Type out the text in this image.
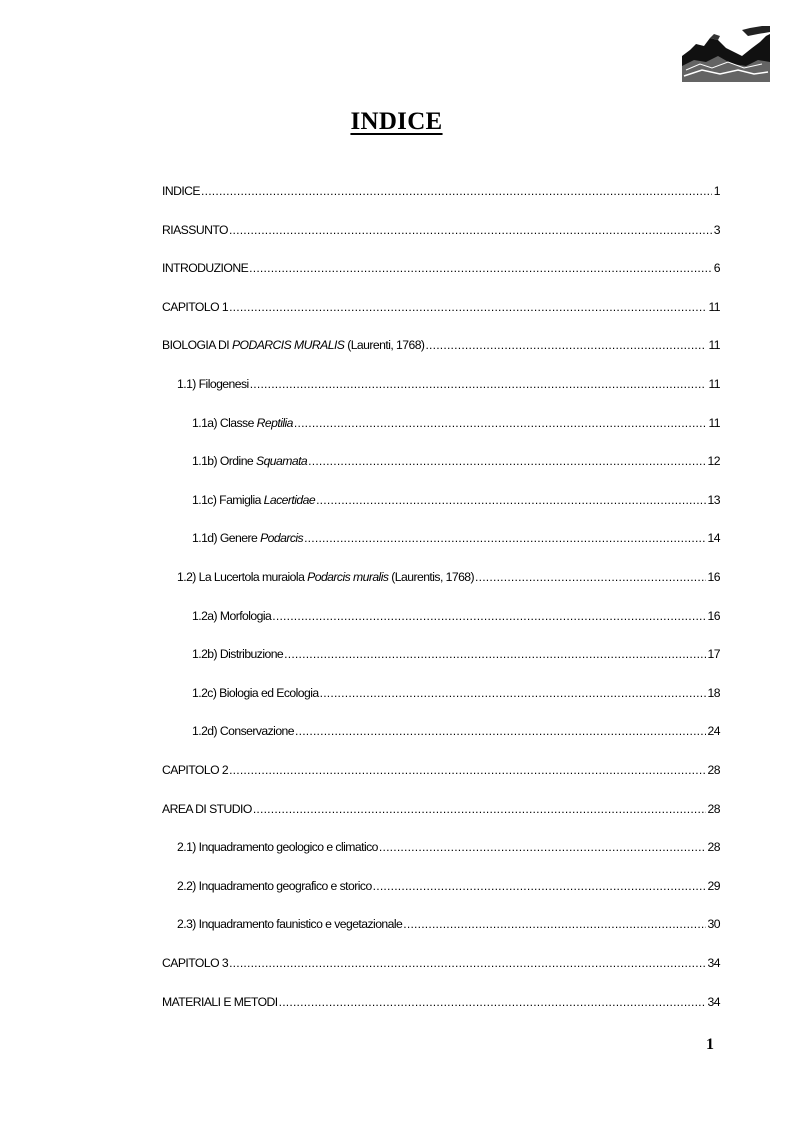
INDICE
INDICE .....	1
RIASSUNTO .....	3
INTRODUZIONE .....	6
CAPITOLO 1 .....	11
BIOLOGIA DI PODARCIS MURALIS (Laurenti, 1768) .....	11
1.1) Filogenesi .....	11
1.1a) Classe Reptilia .....	11
1.1b) Ordine Squamata .....	12
1.1c) Famiglia Lacertidae .....	13
1.1d) Genere Podarcis .....	14
1.2) La Lucertola muraiola Podarcis muralis (Laurentis, 1768) .....	16
1.2a) Morfologia .....	16
1.2b) Distribuzione .....	17
1.2c) Biologia ed Ecologia .....	18
1.2d) Conservazione .....	24
CAPITOLO 2 .....	28
AREA DI STUDIO .....	28
2.1) Inquadramento geologico e climatico .....	28
2.2) Inquadramento geografico e storico .....	29
2.3) Inquadramento faunistico e vegetazionale .....	30
CAPITOLO 3 .....	34
MATERIALI E METODI .....	34
1
